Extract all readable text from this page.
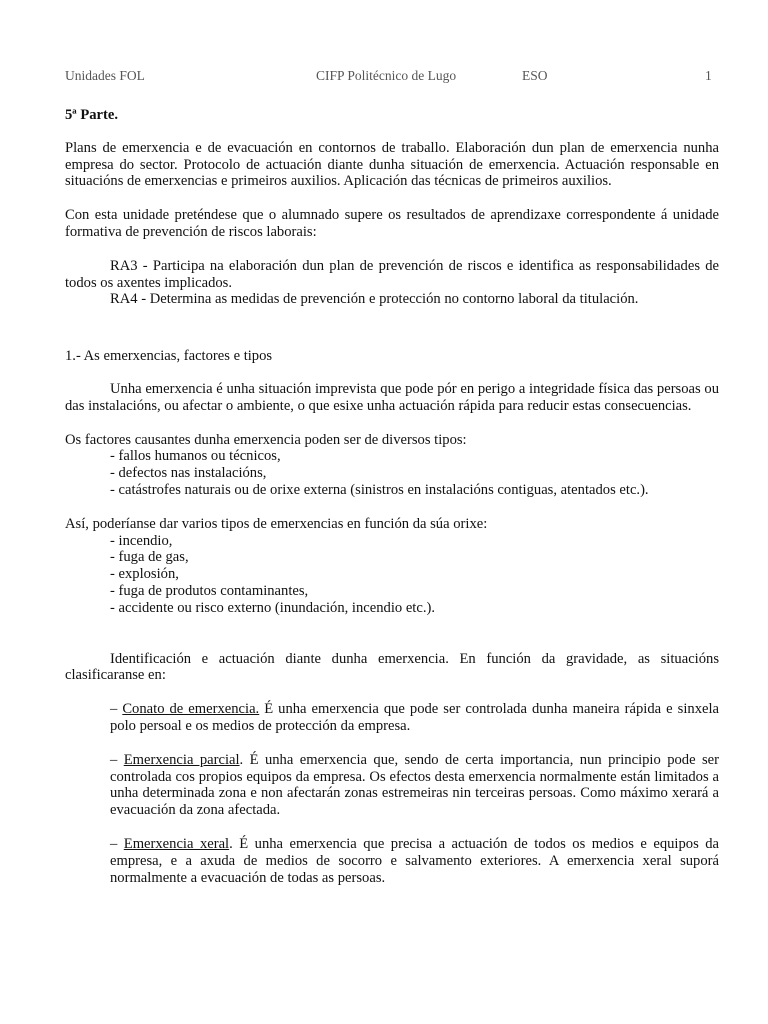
Unidades FOL	CIFP Politécnico de Lugo	ESO	1

5ª Parte.

Plans de emerxencia e de evacuación en contornos de traballo. Elaboración dun plan de emerxencia nunha empresa do sector. Protocolo de actuación diante dunha situación de emerxencia. Actuación responsable en situacións de emerxencias e primeiros auxilios. Aplicación das técnicas de primeiros auxilios.

Con esta unidade preténdese que o alumnado supere os resultados de aprendizaxe correspondente á unidade formativa de prevención de riscos laborais:

RA3 - Participa na elaboración dun plan de prevención de riscos e identifica as responsabilidades de todos os axentes implicados.

RA4 - Determina as medidas de prevención e protección no contorno laboral da titulación.

1.- As emerxencias, factores e tipos

Unha emerxencia é unha situación imprevista que pode pór en perigo a integridade física das persoas ou das instalacións, ou afectar o ambiente, o que esixe unha actuación rápida para reducir estas consecuencias.

Os factores causantes dunha emerxencia poden ser de diversos tipos:

- fallos humanos ou técnicos,

- defectos nas instalacións,

- catástrofes naturais ou de orixe externa (sinistros en instalacións contiguas, atentados etc.).

Así, poderíanse dar varios tipos de emerxencias en función da súa orixe:

- incendio,

- fuga de gas,

- explosión,

- fuga de produtos contaminantes,

- accidente ou risco externo (inundación, incendio etc.).

Identificación e actuación diante dunha emerxencia. En función da gravidade, as situacións clasificaranse en:

– Conato de emerxencia. É unha emerxencia que pode ser controlada dunha maneira rápida e sinxela polo persoal e os medios de protección da empresa.

– Emerxencia parcial. É unha emerxencia que, sendo de certa importancia, nun principio pode ser controlada cos propios equipos da empresa. Os efectos desta emerxencia normalmente están limitados a unha determinada zona e non afectarán zonas estremeiras nin terceiras persoas. Como máximo xerará a evacuación da zona afectada.

– Emerxencia xeral. É unha emerxencia que precisa a actuación de todos os medios e equipos da empresa, e a axuda de medios de socorro e salvamento exteriores. A emerxencia xeral suporá normalmente a evacuación de todas as persoas.
